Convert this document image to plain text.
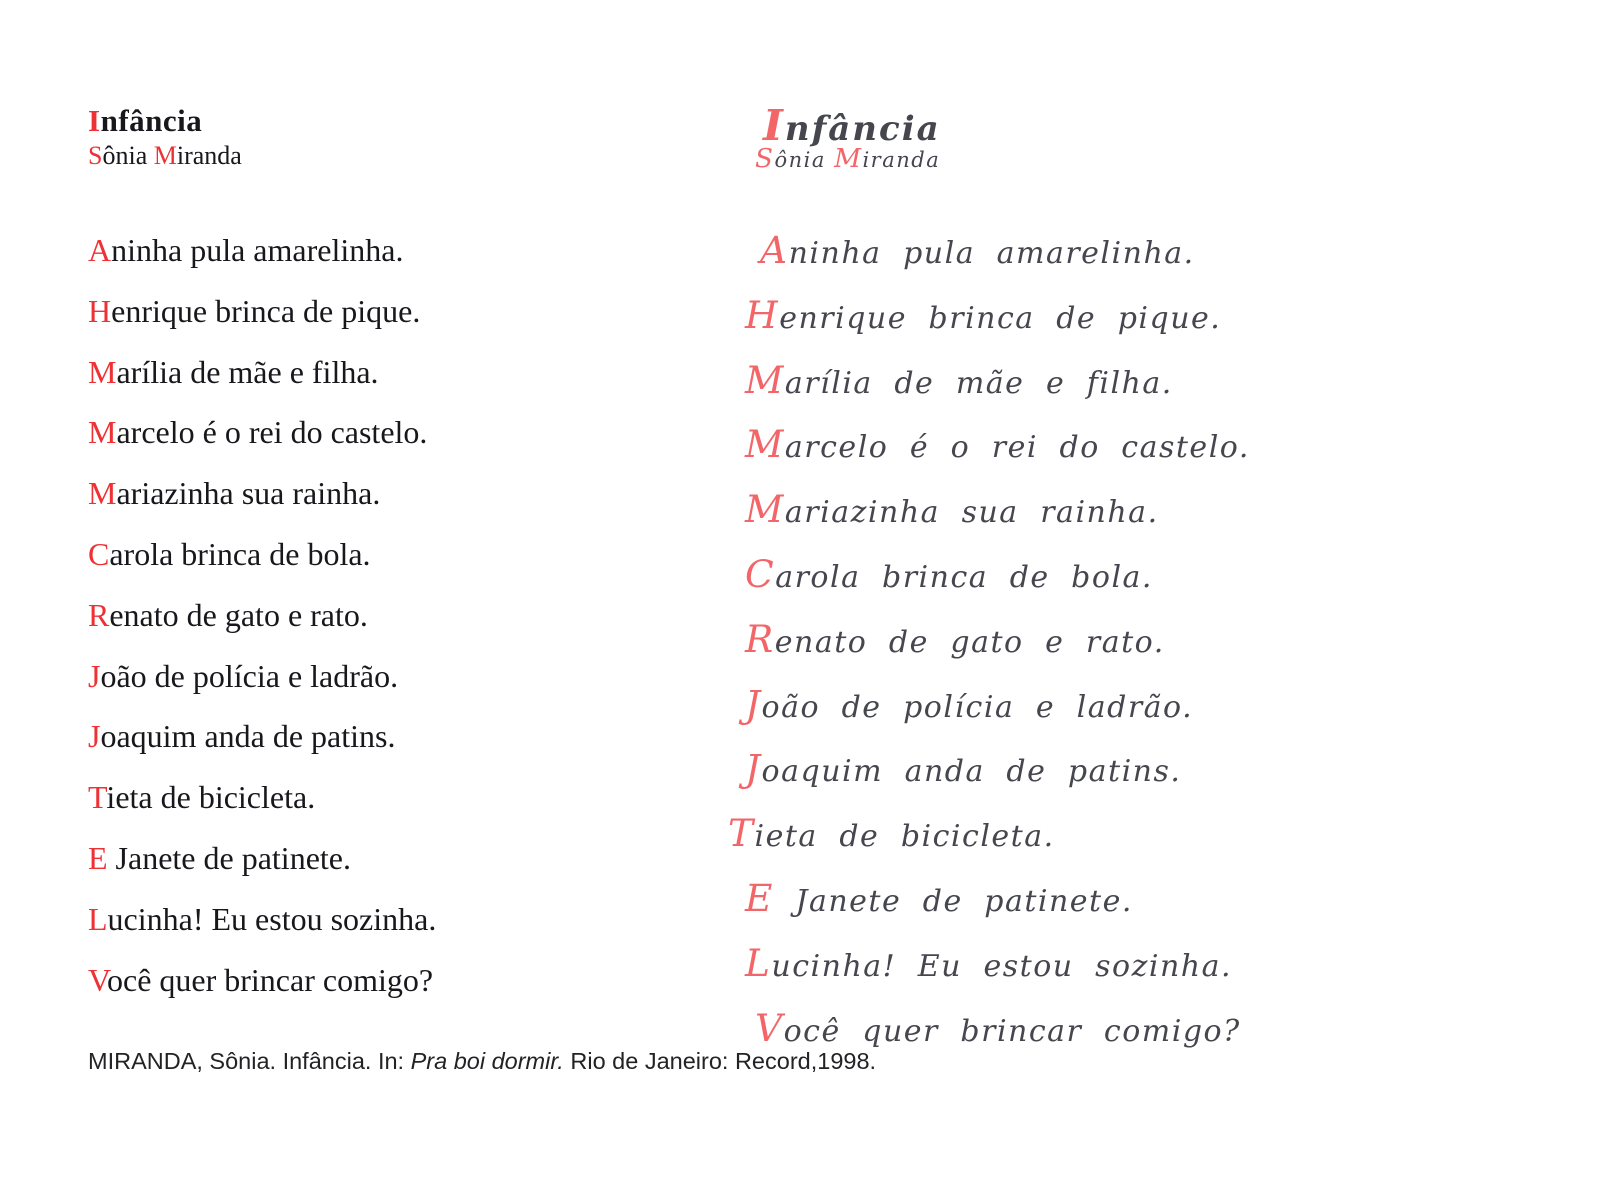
Infância
Sônia Miranda
Aninha pula amarelinha.
Henrique brinca de pique.
Marília de mãe e filha.
Marcelo é o rei do castelo.
Mariazinha sua rainha.
Carola brinca de bola.
Renato de gato e rato.
João de polícia e ladrão.
Joaquim anda de patins.
Tieta de bicicleta.
E Janete de patinete.
Lucinha! Eu estou sozinha.
Você quer brincar comigo?
Infância
Sônia Miranda
Aninha pula amarelinha.
Henrique brinca de pique.
Marília de mãe e filha.
Marcelo é o rei do castelo.
Mariazinha sua rainha.
Carola brinca de bola.
Renato de gato e rato.
João de polícia e ladrão.
Joaquim anda de patins.
Tieta de bicicleta.
E Janete de patinete.
Lucinha! Eu estou sozinha.
Você quer brincar comigo?

MIRANDA, Sônia. Infância. In: Pra boi dormir. Rio de Janeiro: Record,1998.
